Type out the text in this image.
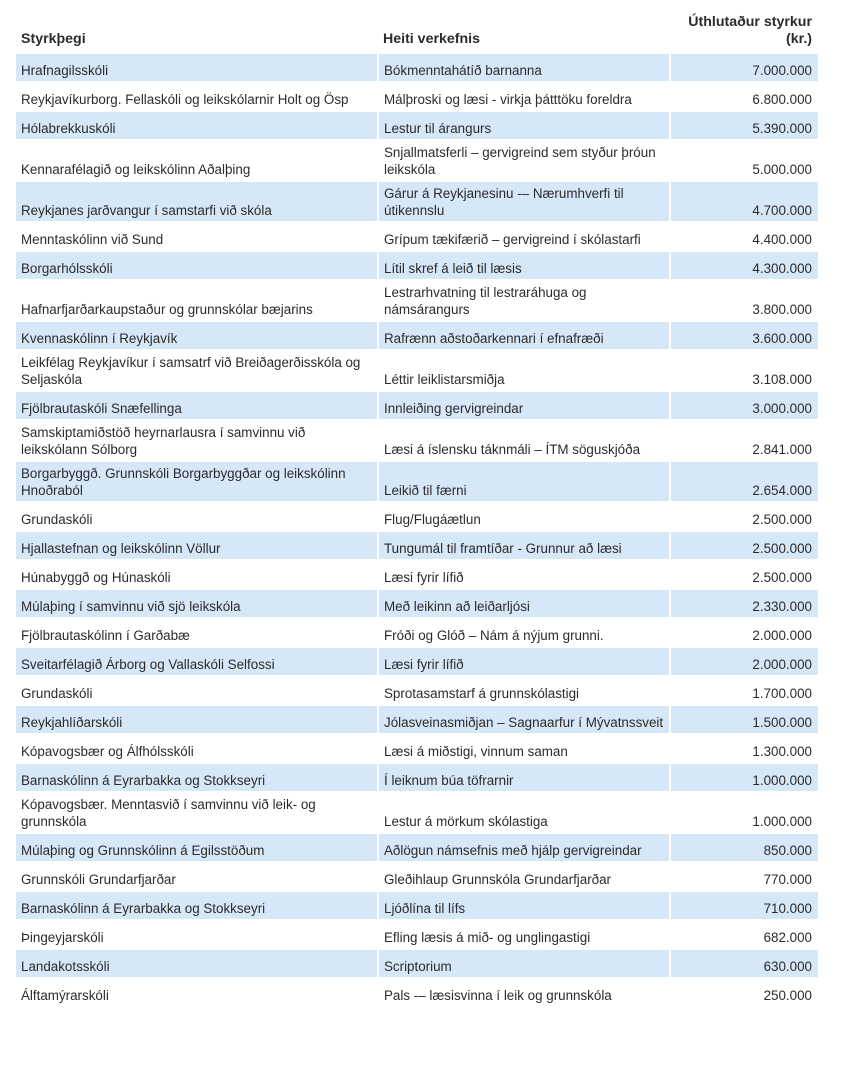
Styrkþegi	Heiti verkefnis	Úthlutaður styrkur
(kr.)
Hrafnagilsskóli	Bókmenntahátíð barnanna	7.000.000
Reykjavíkurborg. Fellaskóli og leikskólarnir Holt og Ösp	Málþroski og læsi - virkja þátttöku foreldra	6.800.000
Hólabrekkuskóli	Lestur til árangurs	5.390.000
Kennarafélagið og leikskólinn Aðalþing	Snjallmatsferli – gervigreind sem styður þróun leikskóla	5.000.000
Reykjanes jarðvangur í samstarfi við skóla	Gárur á Reykjanesinu -– Nærumhverfi til útikennslu	4.700.000
Menntaskólinn við Sund	Grípum tækifærið – gervigreind í skólastarfi	4.400.000
Borgarhólsskóli	Lítil skref á leið til læsis	4.300.000
Hafnarfjarðarkaupstaður og grunnskólar bæjarins	Lestrarhvatning til lestraráhuga og námsárangurs	3.800.000
Kvennaskólinn í Reykjavík	Rafrænn aðstoðarkennari í efnafræði	3.600.000
Leikfélag Reykjavíkur í samsatrf við Breiðagerðisskóla og Seljaskóla	Léttir leiklistarsmiðja	3.108.000
Fjölbrautaskóli Snæfellinga	Innleiðing gervigreindar	3.000.000
Samskiptamiðstöð heyrnarlausra í samvinnu við leikskólann Sólborg	Læsi á íslensku táknmáli – ÍTM söguskjóða	2.841.000
Borgarbyggð. Grunnskóli Borgarbyggðar og leikskólinn Hnoðraból	Leikið til færni	2.654.000
Grundaskóli	Flug/Flugáætlun	2.500.000
Hjallastefnan og leikskólinn Völlur	Tungumál til framtíðar - Grunnur að læsi	2.500.000
Húnabyggð og Húnaskóli	Læsi fyrir lífið	2.500.000
Múlaþing í samvinnu við sjö leikskóla	Með leikinn að leiðarljósi	2.330.000
Fjölbrautaskólinn í Garðabæ	Fróði og Glóð – Nám á nýjum grunni.	2.000.000
Sveitarfélagið Árborg og Vallaskóli Selfossi	Læsi fyrir lífið	2.000.000
Grundaskóli	Sprotasamstarf á grunnskólastigi	1.700.000
Reykjahlíðarskóli	Jólasveinasmiðjan – Sagnaarfur í Mývatnssveit	1.500.000
Kópavogsbær og Álfhólsskóli	Læsi á miðstigi, vinnum saman	1.300.000
Barnaskólinn á Eyrarbakka og Stokkseyri	Í leiknum búa töfrarnir	1.000.000
Kópavogsbær. Menntasvið í samvinnu við leik- og grunnskóla	Lestur á mörkum skólastiga	1.000.000
Múlaþing og Grunnskólinn á Egilsstöðum	Aðlögun námsefnis með hjálp gervigreindar	850.000
Grunnskóli Grundarfjarðar	Gleðihlaup Grunnskóla Grundarfjarðar	770.000
Barnaskólinn á Eyrarbakka og Stokkseyri	Ljóðlína til lífs	710.000
Þingeyjarskóli	Efling læsis á mið- og unglingastigi	682.000
Landakotsskóli	Scriptorium	630.000
Álftamýrarskóli	Pals -– læsisvinna í leik og grunnskóla	250.000
